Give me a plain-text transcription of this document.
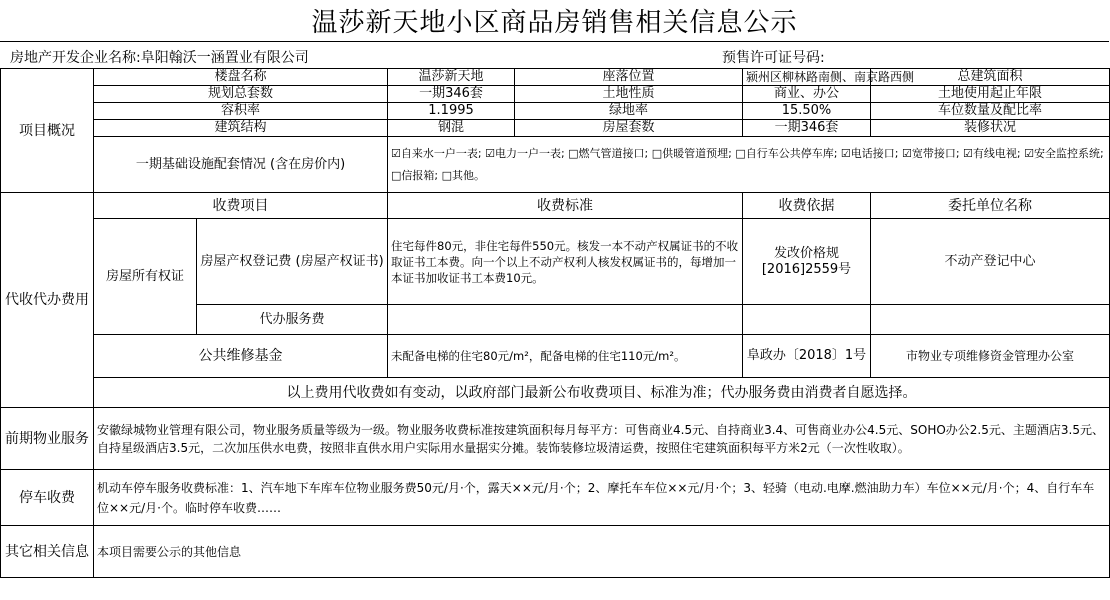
温莎新天地小区商品房销售相关信息公示
房地产开发企业名称:阜阳翰沃一涵置业有限公司	预售许可证号码:
项目概况	楼盘名称		温莎新天地	座落位置	颍州区柳林路南侧、南京路西侧	总建筑面积	
	规划总套数		一期346套	土地性质	商业、办公	土地使用起止年限	
	容积率		1.1995	绿地率	15.50%	车位数量及配比率	
	建筑结构		钢混	房屋套数	一期346套	装修状况	
	一期基础设施配套情况 (含在房价内)		☑自来水一户一表; ☑电力一户一表; □燃气管道接口; □供暖管道预埋; □自行车公共停车库; ☑电话接口; ☑宽带接口; ☑有线电视; ☑安全监控系统; □信报箱; □其他。				
代收代办费用	收费项目		收费标准		收费依据	委托单位名称	
	房屋所有权证	房屋产权登记费 (房屋产权证书)	住宅每件80元，非住宅每件550元。核发一本不动产权属证书的不收取证书工本费。向一个以上不动产权利人核发权属证书的，每增加一本证书加收证书工本费10元。		发改价格规 [2016]2559号	不动产登记中心	
		代办服务费					
	公共维修基金		未配备电梯的住宅80元/m²，配备电梯的住宅110元/m²。		阜政办〔2018〕1号	市物业专项维修资金管理办公室	
	以上费用代收费如有变动，以政府部门最新公布收费项目、标准为准；代办服务费由消费者自愿选择。						
前期物业服务	安徽绿城物业管理有限公司，物业服务质量等级为一级。物业服务收费标准按建筑面积每月每平方：可售商业4.5元、自持商业3.4、可售商业办公4.5元、SOHO办公2.5元、主题酒店3.5元、自持星级酒店3.5元，二次加压供水电费，按照非直供水用户实际用水量据实分摊。装饰装修垃圾清运费，按照住宅建筑面积每平方米2元（一次性收取）。						
停车收费	机动车停车服务收费标准：1、汽车地下车库车位物业服务费50元/月·个，露天××元/月·个；2、摩托车车位××元/月·个；3、轻骑（电动.电摩.燃油助力车）车位××元/月·个；4、自行车车位××元/月·个。临时停车收费……						
其它相关信息	本项目需要公示的其他信息						
